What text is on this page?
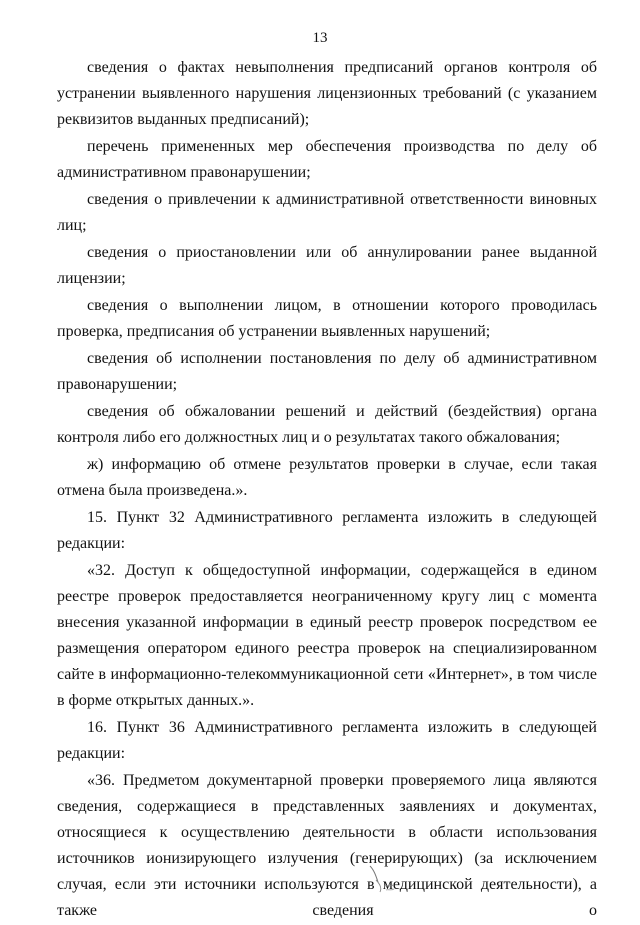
13

сведения о фактах невыполнения предписаний органов контроля об устранении выявленного нарушения лицензионных требований (с указанием реквизитов выданных предписаний);

перечень примененных мер обеспечения производства по делу об административном правонарушении;

сведения о привлечении к административной ответственности виновных лиц;

сведения о приостановлении или об аннулировании ранее выданной лицензии;

сведения о выполнении лицом, в отношении которого проводилась проверка, предписания об устранении выявленных нарушений;

сведения об исполнении постановления по делу об административном правонарушении;

сведения об обжаловании решений и действий (бездействия) органа контроля либо его должностных лиц и о результатах такого обжалования;

ж) информацию об отмене результатов проверки в случае, если такая отмена была произведена.».

15. Пункт 32 Административного регламента изложить в следующей редакции:

«32. Доступ к общедоступной информации, содержащейся в едином реестре проверок предоставляется неограниченному кругу лиц с момента внесения указанной информации в единый реестр проверок посредством ее размещения оператором единого реестра проверок на специализированном сайте в информационно-телекоммуникационной сети «Интернет», в том числе в форме открытых данных.».

16. Пункт 36 Административного регламента изложить в следующей редакции:

«36. Предметом документарной проверки проверяемого лица являются сведения, содержащиеся в представленных заявлениях и документах, относящиеся к осуществлению деятельности в области использования источников ионизирующего излучения (генерирующих) (за исключением случая, если эти источники используются в медицинской деятельности), а также сведения о
